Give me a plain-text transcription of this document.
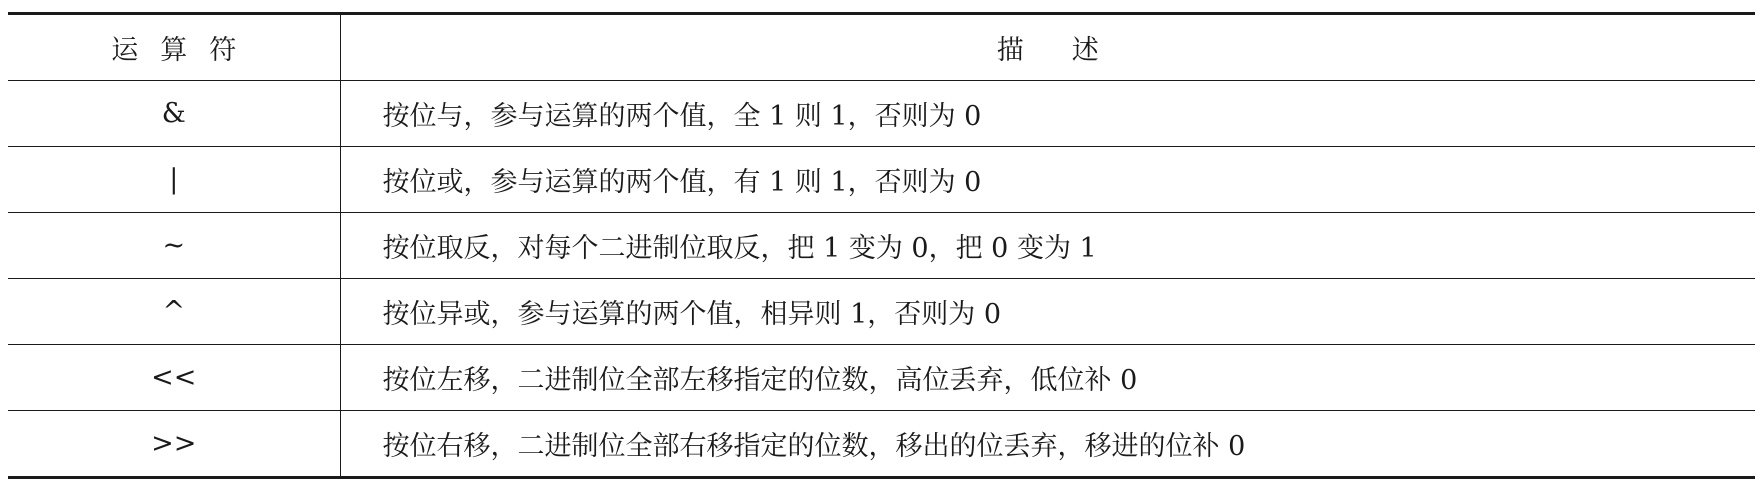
运算符	描述
&	按位与，参与运算的两个值，全 1 则 1，否则为 0
|	按位或，参与运算的两个值，有 1 则 1，否则为 0
~	按位取反，对每个二进制位取反，把 1 变为 0，把 0 变为 1
^	按位异或，参与运算的两个值，相异则 1，否则为 0
<<	按位左移，二进制位全部左移指定的位数，高位丢弃，低位补 0
>>	按位右移，二进制位全部右移指定的位数，移出的位丢弃，移进的位补 0
